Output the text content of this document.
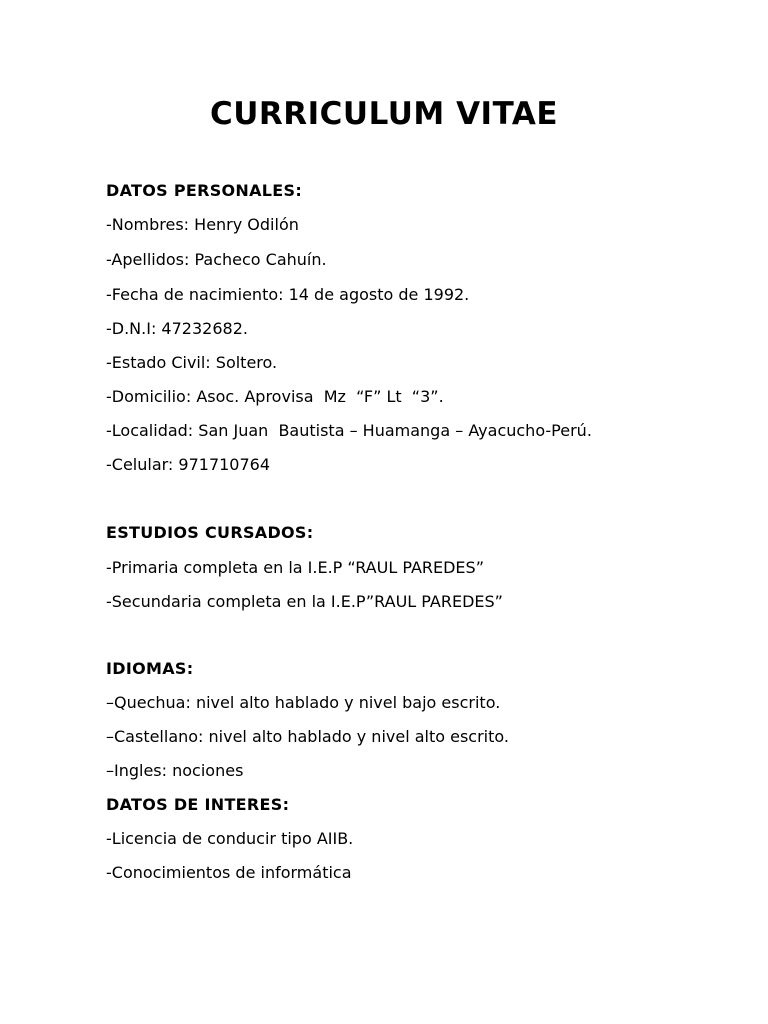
CURRICULUM VITAE

DATOS PERSONALES:

-Nombres: Henry Odilón

-Apellidos: Pacheco Cahuín.

-Fecha de nacimiento: 14 de agosto de 1992.

-D.N.I: 47232682.

-Estado Civil: Soltero.

-Domicilio: Asoc. Aprovisa  Mz  “F” Lt  “3”.

-Localidad: San Juan  Bautista – Huamanga – Ayacucho-Perú.

-Celular: 971710764

ESTUDIOS CURSADOS:

-Primaria completa en la I.E.P “RAUL PAREDES”

-Secundaria completa en la I.E.P”RAUL PAREDES”

IDIOMAS:

–Quechua: nivel alto hablado y nivel bajo escrito.

–Castellano: nivel alto hablado y nivel alto escrito.

–Ingles: nociones

DATOS DE INTERES:

-Licencia de conducir tipo AIIB.

-Conocimientos de informática
